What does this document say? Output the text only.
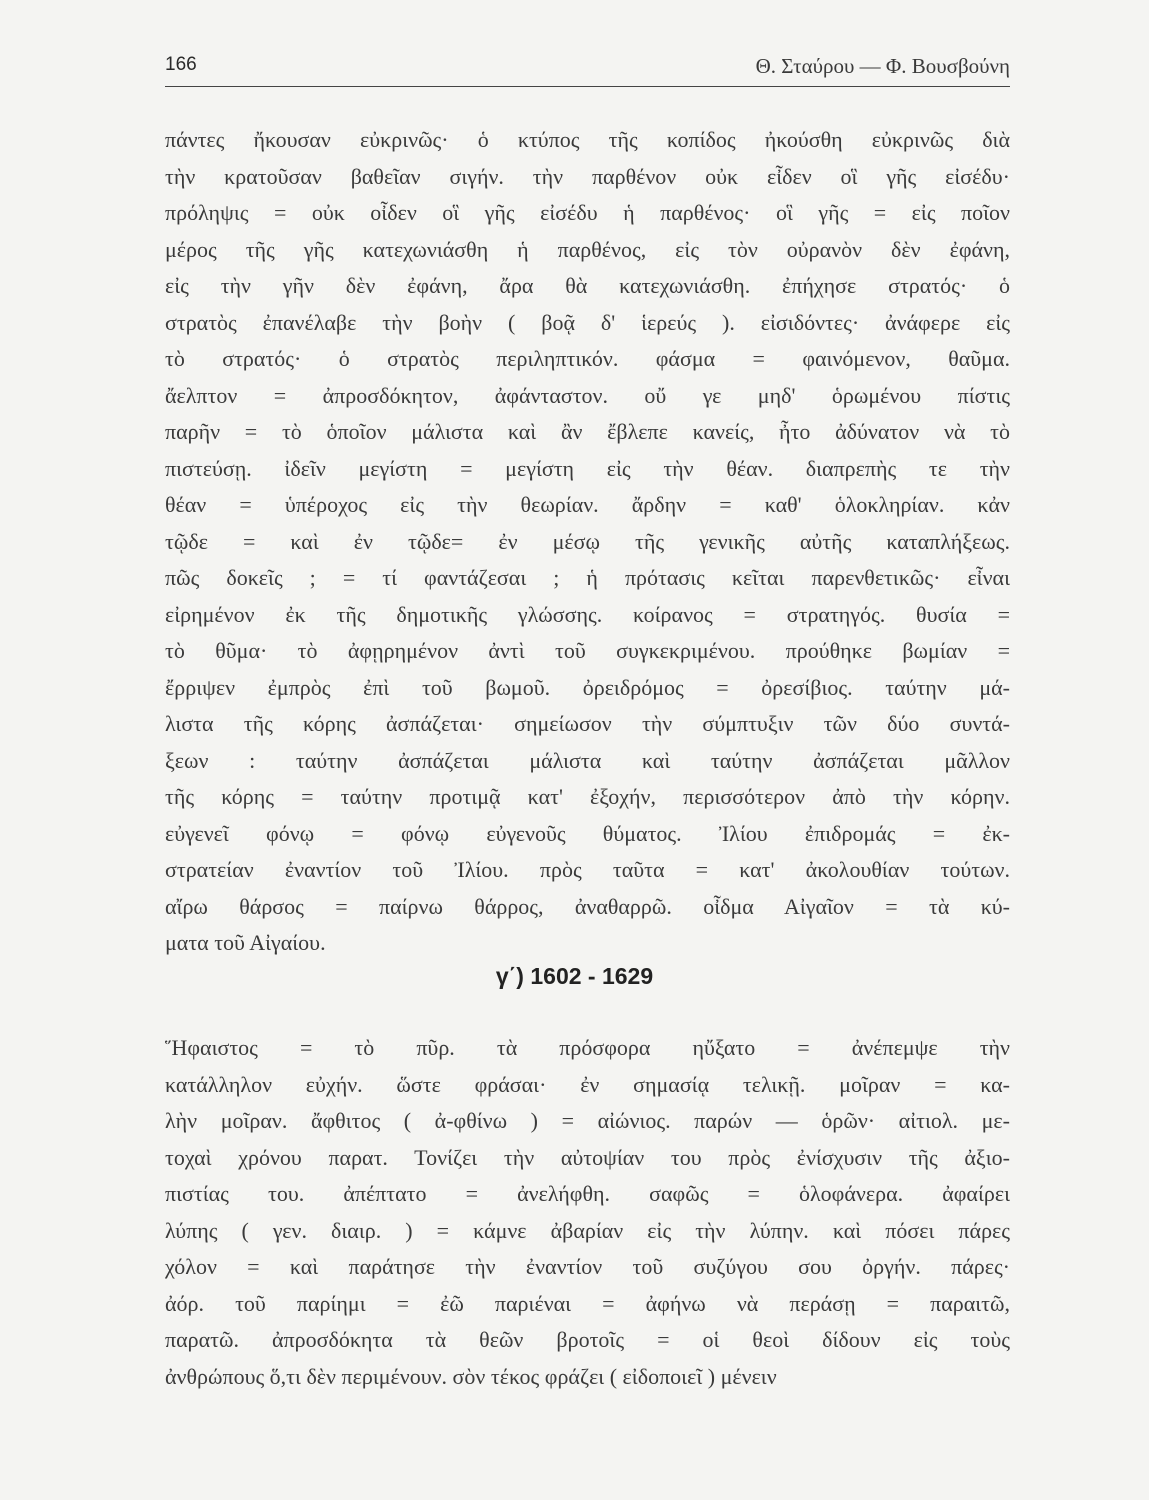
166	Θ. Σταύρου — Φ. Βουσβούνη
πάντες ἤκουσαν εὐκρινῶς· ὁ κτύπος τῆς κοπίδος ἠκούσθη εὐκρινῶς διὰ
τὴν κρατοῦσαν βαθεῖαν σιγήν. τὴν παρθένον οὐκ εἶδεν οἳ γῆς εἰσέδυ·
πρόληψις = οὐκ οἶδεν οἳ γῆς εἰσέδυ ἡ παρθένος· οἳ γῆς = εἰς ποῖον
μέρος τῆς γῆς κατεχωνιάσθη ἡ παρθένος, εἰς τὸν οὐρανὸν δὲν ἐφάνη,
εἰς τὴν γῆν δὲν ἐφάνη, ἄρα θὰ κατεχωνιάσθη. ἐπήχησε στρατός· ὁ
στρατὸς ἐπανέλαβε τὴν βοὴν ( βοᾷ δ' ἱερεύς ). εἰσιδόντες· ἀνάφερε εἰς
τὸ στρατός· ὁ στρατὸς περιληπτικόν. φάσμα = φαινόμενον, θαῦμα.
ἄελπτον = ἀπροσδόκητον, ἀφάνταστον. οὔ γε μηδ' ὁρωμένου πίστις
παρῆν = τὸ ὁποῖον μάλιστα καὶ ἂν ἔβλεπε κανείς, ἦτο ἀδύνατον νὰ τὸ
πιστεύσῃ. ἰδεῖν μεγίστη = μεγίστη εἰς τὴν θέαν. διαπρεπὴς τε τὴν
θέαν = ὑπέροχος εἰς τὴν θεωρίαν. ἄρδην = καθ' ὁλοκληρίαν. κἀν
τῷδε = καὶ ἐν τῷδε= ἐν μέσῳ τῆς γενικῆς αὐτῆς καταπλήξεως.
πῶς δοκεῖς ; = τί φαντάζεσαι ; ἡ πρότασις κεῖται παρενθετικῶς· εἶναι
εἰρημένον ἐκ τῆς δημοτικῆς γλώσσης. κοίρανος = στρατηγός. θυσία =
τὸ θῦμα· τὸ ἀφῃρημένον ἀντὶ τοῦ συγκεκριμένου. προύθηκε βωμίαν =
ἔρριψεν ἐμπρὸς ἐπὶ τοῦ βωμοῦ. ὀρειδρόμος = ὀρεσίβιος. ταύτην μά-
λιστα τῆς κόρης ἀσπάζεται· σημείωσον τὴν σύμπτυξιν τῶν δύο συντά-
ξεων : ταύτην ἀσπάζεται μάλιστα καὶ ταύτην ἀσπάζεται μᾶλλον
τῆς κόρης = ταύτην προτιμᾷ κατ' ἐξοχήν, περισσότερον ἀπὸ τὴν κόρην.
εὐγενεῖ φόνῳ = φόνῳ εὐγενοῦς θύματος. Ἰλίου ἐπιδρομάς = ἐκ-
στρατείαν ἐναντίον τοῦ Ἰλίου. πρὸς ταῦτα = κατ' ἀκολουθίαν τούτων.
αἴρω θάρσος = παίρνω θάρρος, ἀναθαρρῶ. οἶδμα Αἰγαῖον = τὰ κύ-
ματα τοῦ Αἰγαίου.
γ΄) 1602 - 1629
Ἥφαιστος = τὸ πῦρ. τὰ πρόσφορα ηὔξατο = ἀνέπεμψε τὴν
κατάλληλον εὐχήν. ὥστε φράσαι· ἐν σημασίᾳ τελικῇ. μοῖραν = κα-
λὴν μοῖραν. ἄφθιτος ( ἀ-φθίνω ) = αἰώνιος. παρών — ὁρῶν· αἰτιολ. με-
τοχαὶ χρόνου παρατ. Τονίζει τὴν αὐτοψίαν του πρὸς ἐνίσχυσιν τῆς ἀξιο-
πιστίας του. ἀπέπτατο = ἀνελήφθη. σαφῶς = ὁλοφάνερα. ἀφαίρει
λύπης ( γεν. διαιρ. ) = κάμνε ἀβαρίαν εἰς τὴν λύπην. καὶ πόσει πάρες
χόλον = καὶ παράτησε τὴν ἐναντίον τοῦ συζύγου σου ὀργήν. πάρες·
ἀόρ. τοῦ παρίημι = ἐῶ παριέναι = ἀφήνω νὰ περάσῃ = παραιτῶ,
παρατῶ. ἀπροσδόκητα τὰ θεῶν βροτοῖς = οἱ θεοὶ δίδουν εἰς τοὺς
ἀνθρώπους ὅ,τι δὲν περιμένουν. σὸν τέκος φράζει ( εἰδοποιεῖ ) μένειν
